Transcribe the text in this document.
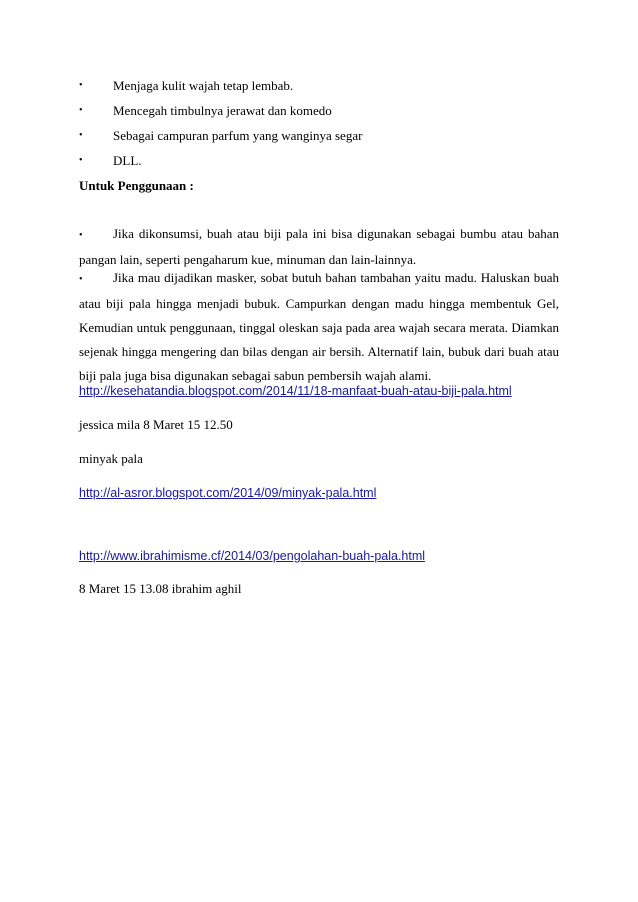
•	Menjaga kulit wajah tetap lembab.
•	Mencegah timbulnya jerawat dan komedo
•	Sebagai campuran parfum yang wanginya segar
•	DLL.
Untuk Penggunaan :
• Jika dikonsumsi, buah atau biji pala ini bisa digunakan sebagai bumbu atau bahan pangan lain, seperti pengaharum kue, minuman dan lain-lainnya.
• Jika mau dijadikan masker, sobat butuh bahan tambahan yaitu madu. Haluskan buah atau biji pala hingga menjadi bubuk. Campurkan dengan madu hingga membentuk Gel, Kemudian untuk penggunaan, tinggal oleskan saja pada area wajah secara merata. Diamkan sejenak hingga mengering dan bilas dengan air bersih. Alternatif lain, bubuk dari buah atau biji pala juga bisa digunakan sebagai sabun pembersih wajah alami.
http://kesehatandia.blogspot.com/2014/11/18-manfaat-buah-atau-biji-pala.html
jessica mila 8 Maret 15 12.50
minyak pala
http://al-asror.blogspot.com/2014/09/minyak-pala.html
http://www.ibrahimisme.cf/2014/03/pengolahan-buah-pala.html
8 Maret 15 13.08 ibrahim aghil
